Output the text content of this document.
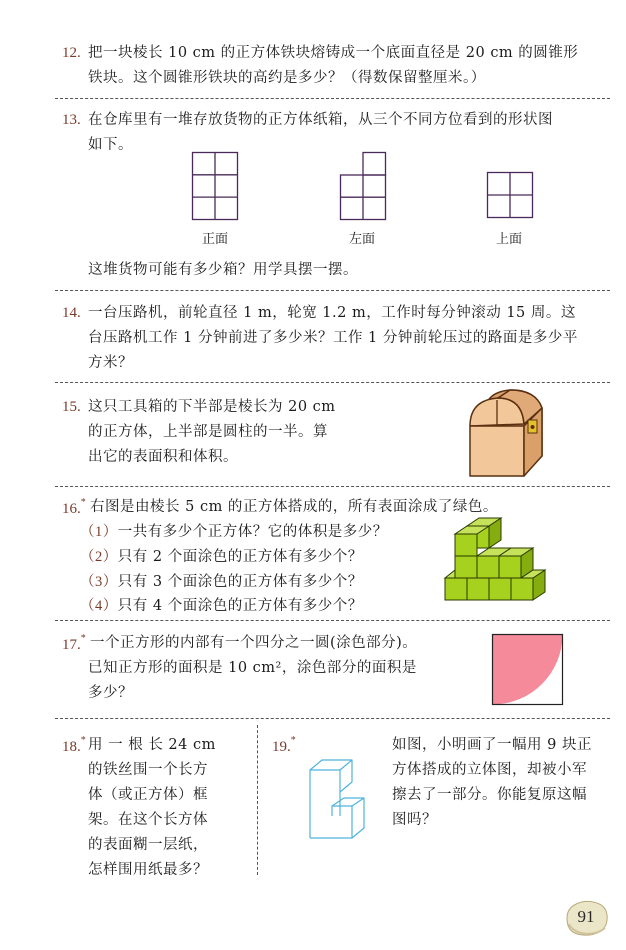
12. 把一块棱长 10 cm 的正方体铁块熔铸成一个底面直径是 20 cm 的圆锥形
铁块。这个圆锥形铁块的高约是多少？（得数保留整厘米。）
13. 在仓库里有一堆存放货物的正方体纸箱，从三个不同方位看到的形状图
如下。
正面	左面	上面
这堆货物可能有多少箱？用学具摆一摆。
14. 一台压路机，前轮直径 1 m，轮宽 1.2 m，工作时每分钟滚动 15 周。这
台压路机工作 1 分钟前进了多少米？工作 1 分钟前轮压过的路面是多少平
方米？
15. 这只工具箱的下半部是棱长为 20 cm
的正方体，上半部是圆柱的一半。算
出它的表面积和体积。
16.* 右图是由棱长 5 cm 的正方体搭成的，所有表面涂成了绿色。
（1）一共有多少个正方体？它的体积是多少？
（2）只有 2 个面涂色的正方体有多少个？
（3）只有 3 个面涂色的正方体有多少个？
（4）只有 4 个面涂色的正方体有多少个？
17.* 一个正方形的内部有一个四分之一圆(涂色部分)。
已知正方形的面积是 10 cm²，涂色部分的面积是
多少？
18.* 用 一 根 长 24 cm
的铁丝围一个长方
体（或正方体）框
架。在这个长方体
的表面糊一层纸，
怎样围用纸最多？
19.*	如图，小明画了一幅用 9 块正
方体搭成的立体图，却被小军
擦去了一部分。你能复原这幅
图吗？
91
